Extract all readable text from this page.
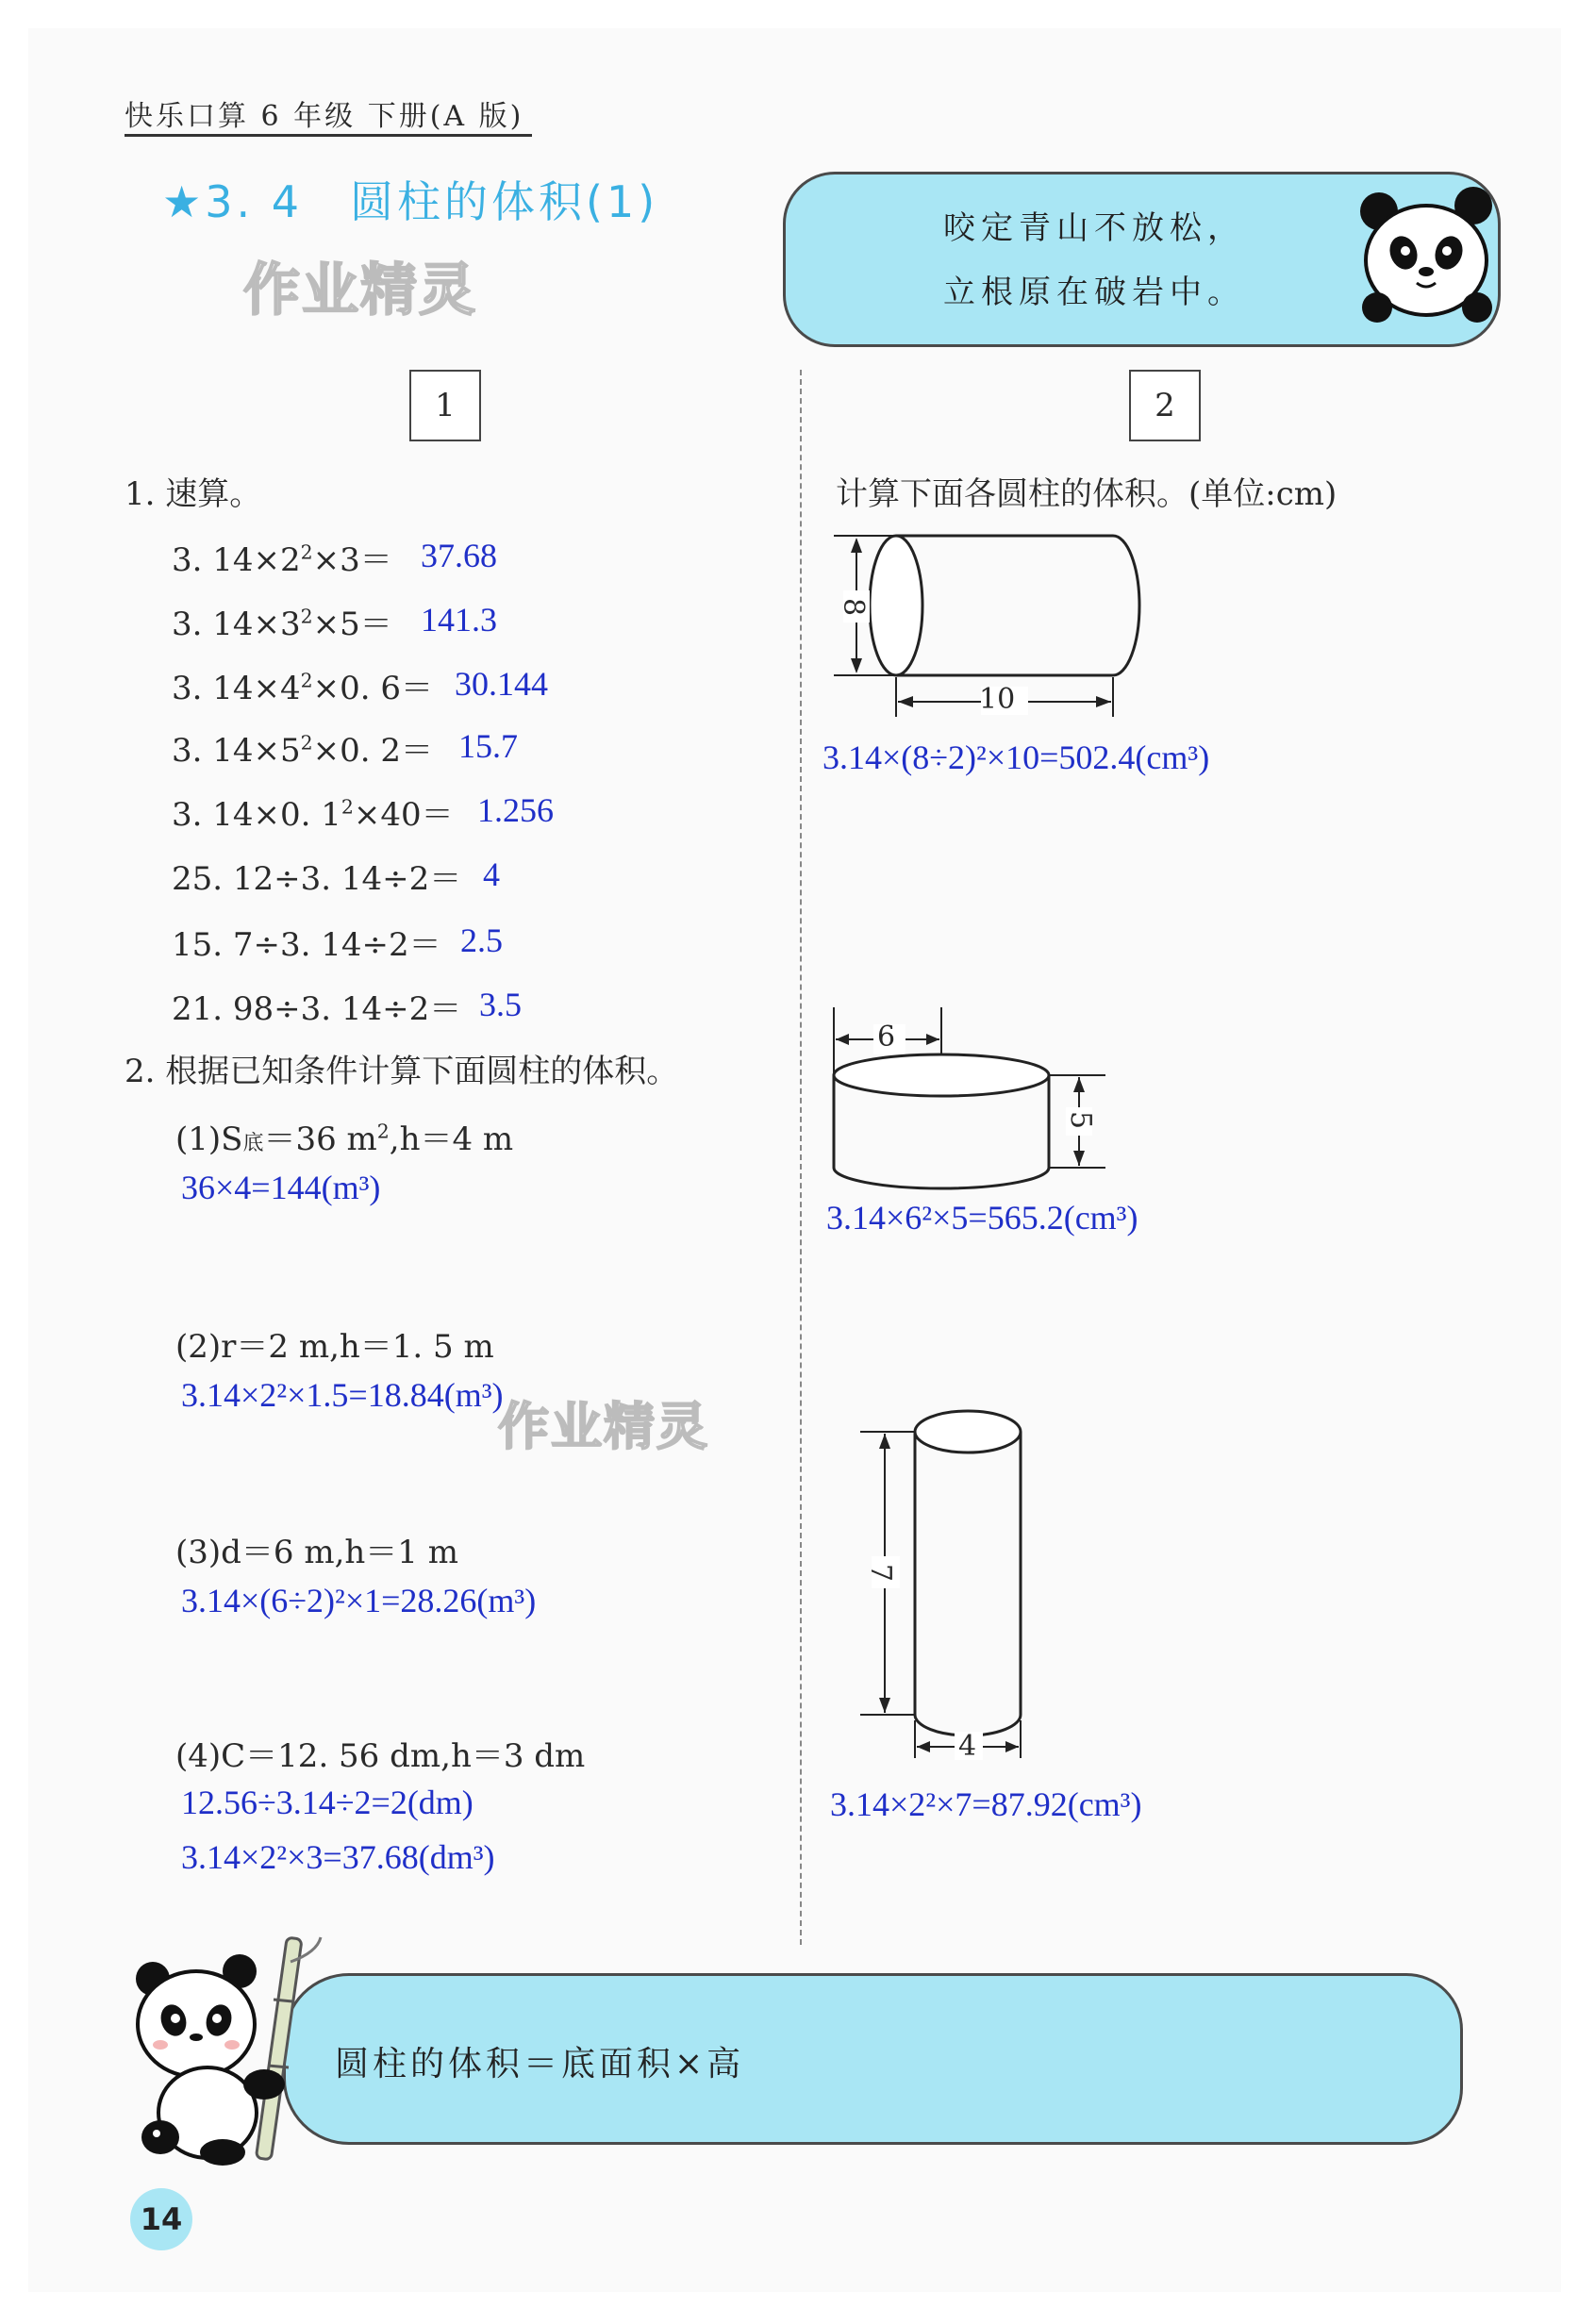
快乐口算 6 年级 下册(A 版)
★3. 4　圆柱的体积(1)
作业精灵
咬定青山不放松，
立根原在破岩中。
1	2
1. 速算。
3. $14\times 2^2\times 3= 37.68$
3. $14\times 3^2\times 5= 141.3$
3. $14\times 4^2\times 0$. 6＝ 30.144
3. $14\times 5^2\times 0$. 2＝ 15.7
3. 14×0. $1^2\times 40= 1.256$
25. 12÷3. 14÷2＝ 4
15. 7÷3. 14÷2＝ 2.5
21. 98÷3. 14÷2＝ 3.5
2. 根据已知条件计算下面圆柱的体积。
(1)S底＝36 $m^2,h=4$ m
36×4=144(m³)
(2)r＝2 m,h＝1. 5 m
3.14×2²×1.5=18.84(m³)
作业精灵
(3)d＝6 m,h＝1 m
3.14×(6÷2)²×1=28.26(m³)
(4)C＝12. 56 dm,h＝3 dm
12.56÷3.14÷2=2(dm)
3.14×2²×3=37.68(dm³)
计算下面各圆柱的体积。(单位:cm)
8
10
3.14×(8÷2)²×10=502.4(cm³)
6
5
3.14×6²×5=565.2(cm³)
7
4
3.14×2²×7=87.92(cm³)
圆柱的体积＝底面积×高
14
